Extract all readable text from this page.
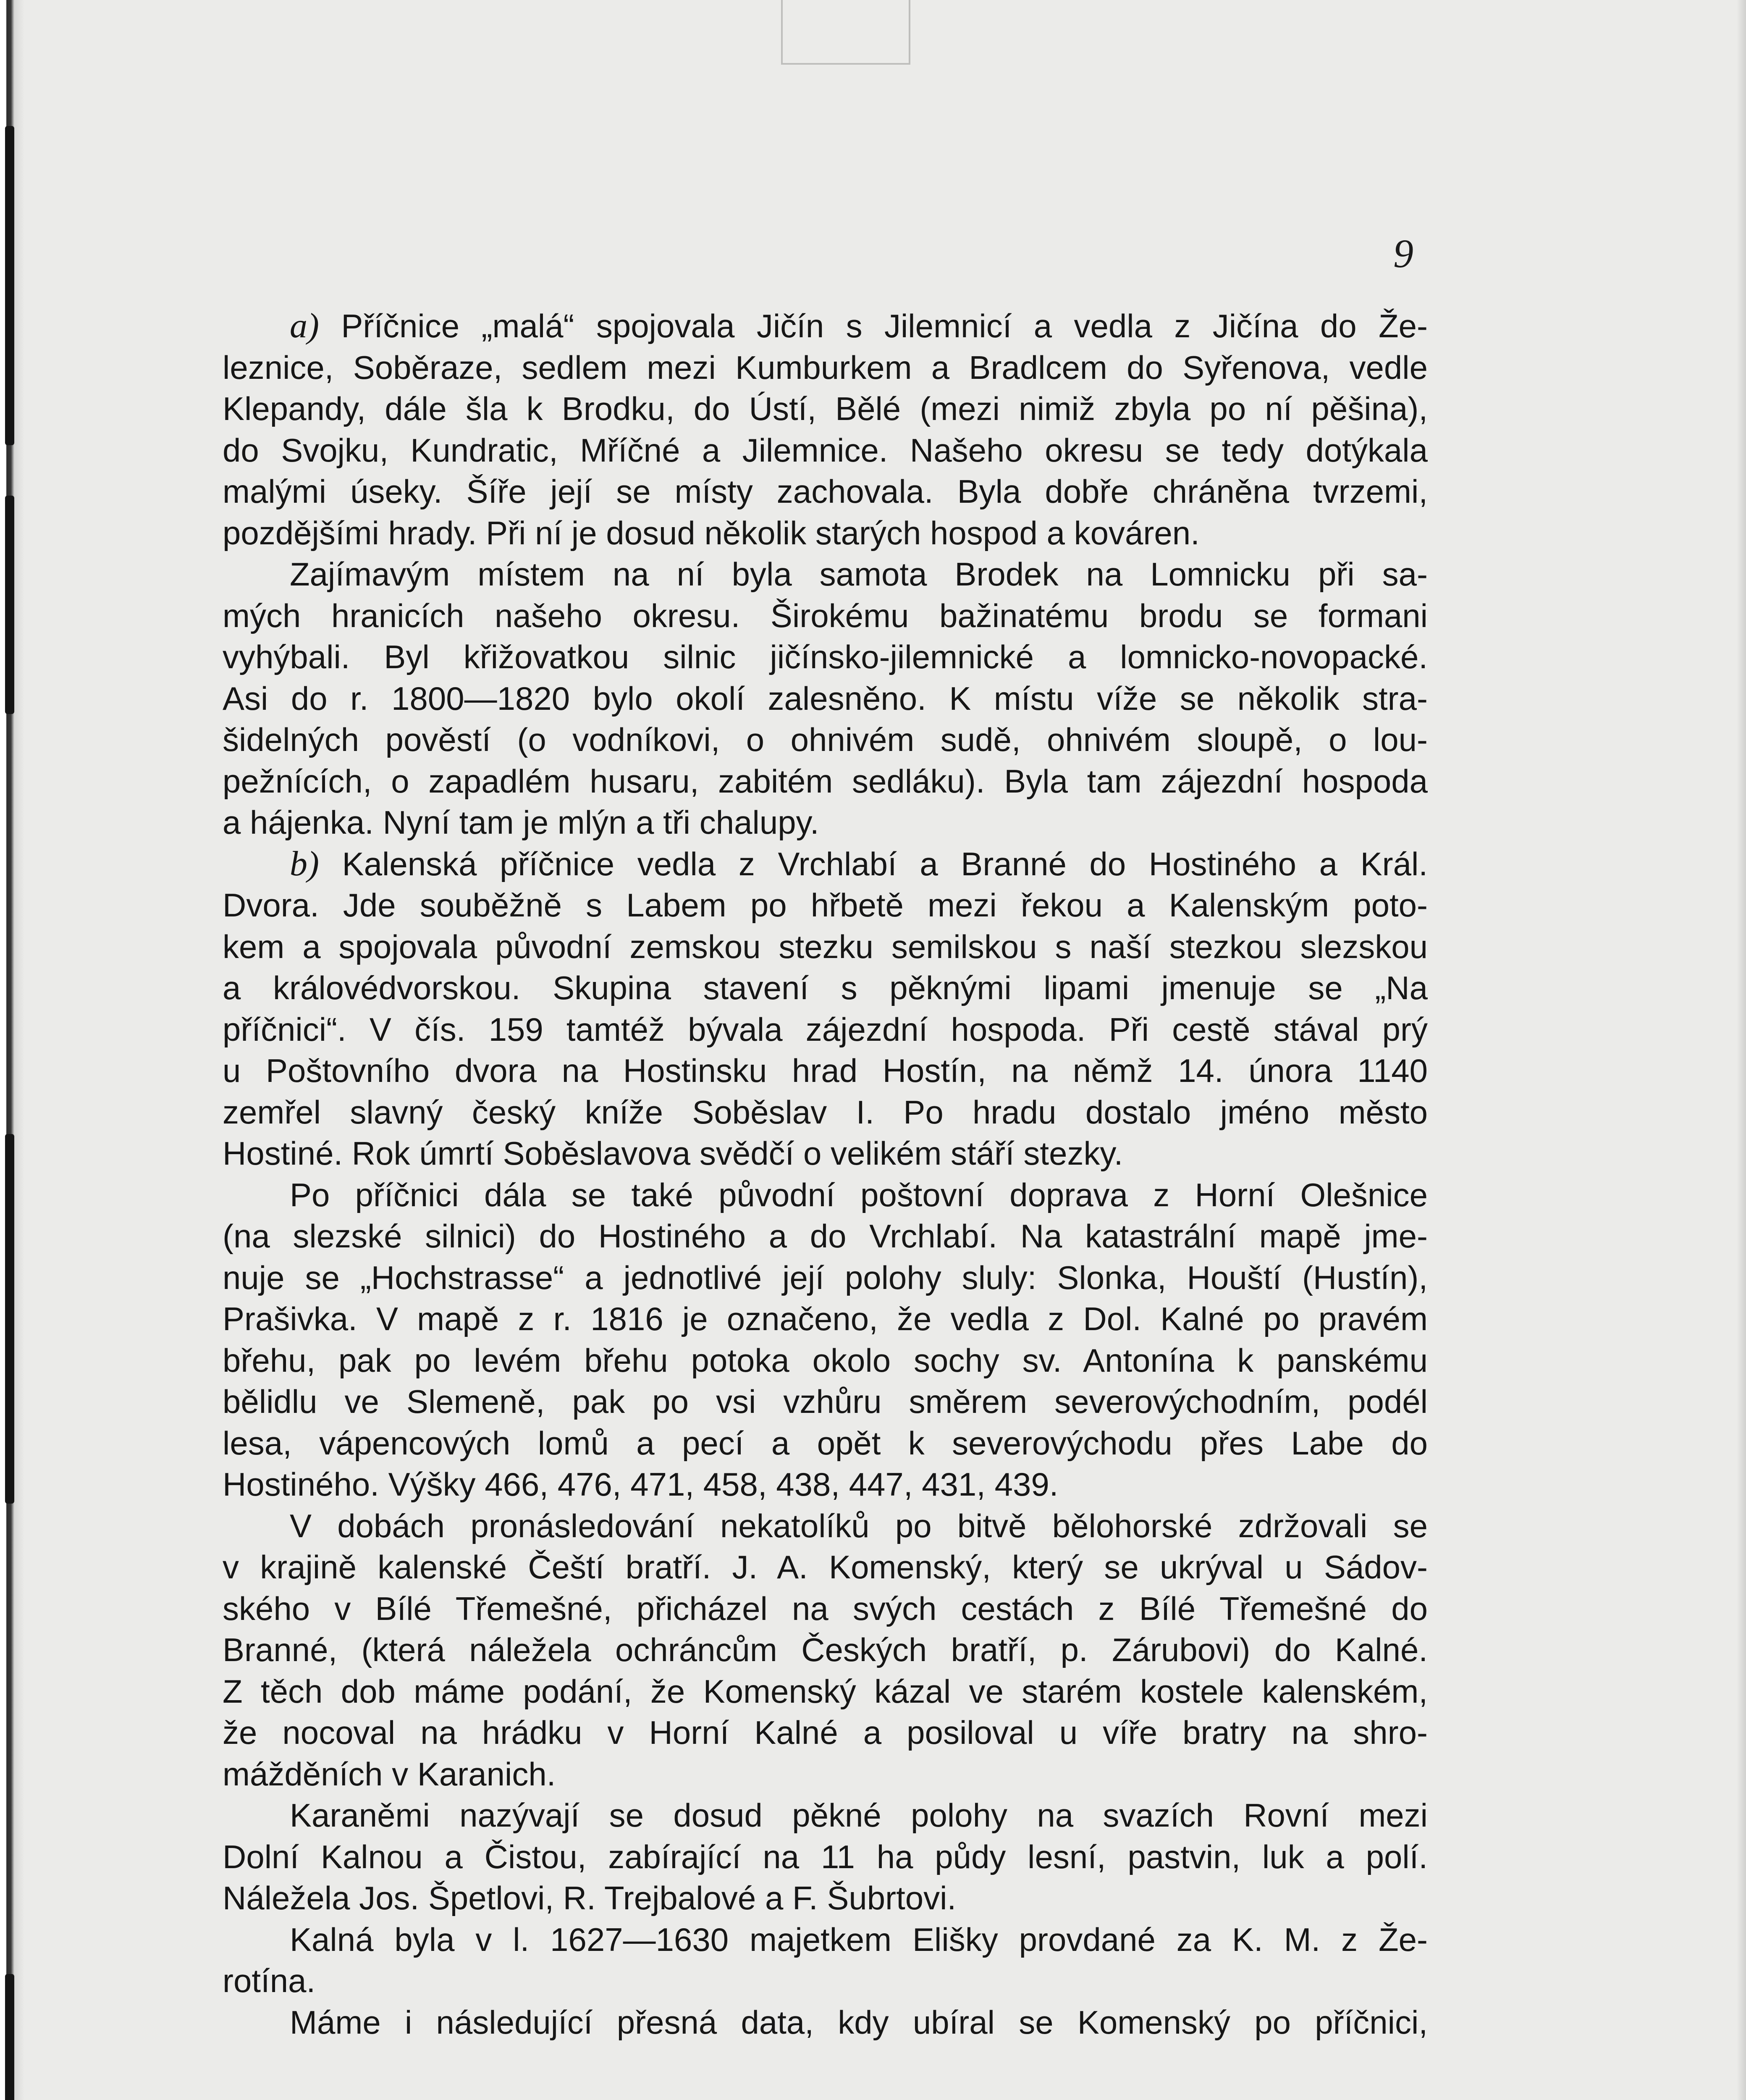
9
a) Příčnice „malá“ spojovala Jičín s Jilemnicí a vedla z Jičína do Že-
leznice, Soběraze, sedlem mezi Kumburkem a Bradlcem do Syřenova, vedle
Klepandy, dále šla k Brodku, do Ústí, Bělé (mezi nimiž zbyla po ní pěšina),
do Svojku, Kundratic, Mříčné a Jilemnice. Našeho okresu se tedy dotýkala
malými úseky. Šíře její se místy zachovala. Byla dobře chráněna tvrzemi,
pozdějšími hrady. Při ní je dosud několik starých hospod a kováren.
Zajímavým místem na ní byla samota Brodek na Lomnicku při sa-
mých hranicích našeho okresu. Širokému bažinatému brodu se formani
vyhýbali. Byl křižovatkou silnic jičínsko-jilemnické a lomnicko-novopacké.
Asi do r. 1800—1820 bylo okolí zalesněno. K místu víže se několik stra-
šidelných pověstí (o vodníkovi, o ohnivém sudě, ohnivém sloupě, o lou-
pežnících, o zapadlém husaru, zabitém sedláku). Byla tam zájezdní hospoda
a hájenka. Nyní tam je mlýn a tři chalupy.
b) Kalenská příčnice vedla z Vrchlabí a Branné do Hostiného a Král.
Dvora. Jde souběžně s Labem po hřbetě mezi řekou a Kalenským poto-
kem a spojovala původní zemskou stezku semilskou s naší stezkou slezskou
a královédvorskou. Skupina stavení s pěknými lipami jmenuje se „Na
příčnici“. V čís. 159 tamtéž bývala zájezdní hospoda. Při cestě stával prý
u Poštovního dvora na Hostinsku hrad Hostín, na němž 14. února 1140
zemřel slavný český kníže Soběslav I. Po hradu dostalo jméno město
Hostiné. Rok úmrtí Soběslavova svědčí o velikém stáří stezky.
Po příčnici dála se také původní poštovní doprava z Horní Olešnice
(na slezské silnici) do Hostiného a do Vrchlabí. Na katastrální mapě jme-
nuje se „Hochstrasse“ a jednotlivé její polohy sluly: Slonka, Houští (Hustín),
Prašivka. V mapě z r. 1816 je označeno, že vedla z Dol. Kalné po pravém
břehu, pak po levém břehu potoka okolo sochy sv. Antonína k panskému
bělidlu ve Slemeně, pak po vsi vzhůru směrem severovýchodním, podél
lesa, vápencových lomů a pecí a opět k severovýchodu přes Labe do
Hostiného. Výšky 466, 476, 471, 458, 438, 447, 431, 439.
V dobách pronásledování nekatolíků po bitvě bělohorské zdržovali se
v krajině kalenské Čeští bratří. J. A. Komenský, který se ukrýval u Sádov-
ského v Bílé Třemešné, přicházel na svých cestách z Bílé Třemešné do
Branné, (která náležela ochráncům Českých bratří, p. Zárubovi) do Kalné.
Z těch dob máme podání, že Komenský kázal ve starém kostele kalenském,
že nocoval na hrádku v Horní Kalné a posiloval u víře bratry na shro-
mážděních v Karanich.
Karaněmi nazývají se dosud pěkné polohy na svazích Rovní mezi
Dolní Kalnou a Čistou, zabírající na 11 ha půdy lesní, pastvin, luk a polí.
Náležela Jos. Špetlovi, R. Trejbalové a F. Šubrtovi.
Kalná byla v l. 1627—1630 majetkem Elišky provdané za K. M. z Že-
rotína.
Máme i následující přesná data, kdy ubíral se Komenský po příčnici,
